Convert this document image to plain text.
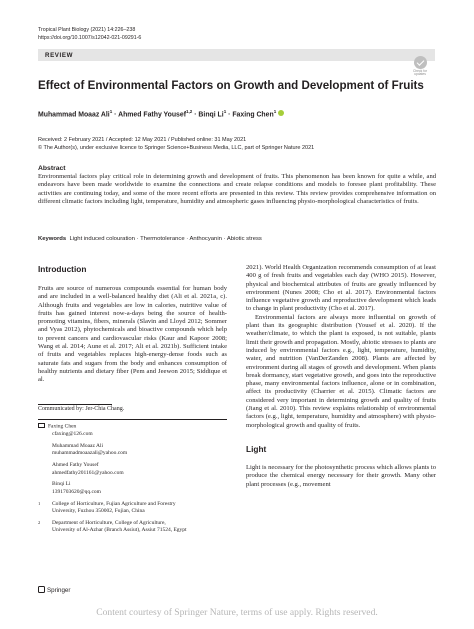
Tropical Plant Biology (2021) 14:226–238
https://doi.org/10.1007/s12042-021-09291-6
REVIEW
Check for updates
Effect of Environmental Factors on Growth and Development of Fruits
Muhammad Moaaz Ali$^1$ · Ahmed Fathy Yousef$^{1,2}$ · Binqi $Li^1$ · Faxing Chen$^1$
Received: 2 February 2021 / Accepted: 12 May 2021 / Published online: 31 May 2021
© The Author(s), under exclusive licence to Springer Science+Business Media, LLC, part of Springer Nature 2021
Abstract

Environmental factors play critical role in determining growth and development of fruits. This phenomenon has been known for quite a while, and endeavors have been made worldwide to examine the connections and create relapse conditions and models to foresee plant profitability. These activities are continuing today, and some of the more recent efforts are presented in this review. This review provides comprehensive information on different climatic factors including light, temperature, humidity and atmospheric gases influencing physio-morphological characteristics of fruits.

Keywords Light induced colouration · Thermotolerance · Anthocyanin · Abiotic stress
Introduction

Fruits are source of numerous compounds essential for human body and are included in a well-balanced healthy diet (Ali et al. 2021a, c). Although fruits and vegetables are low in calories, nutritive value of fruits has gained interest now-a-days being the source of health-promoting vitamins, fibers, minerals (Slavin and Lloyd 2012; Sommer and Vyas 2012), phytochemicals and bioactive compounds which help to prevent cancers and cardiovascular risks (Kaur and Kapoor 2008; Wang et al. 2014; Aune et al. 2017; Ali et al. 2021b). Sufficient intake of fruits and vegetables replaces high-energy-dense foods such as saturate fats and sugars from the body and enhances consumption of healthy nutrients and dietary fiber (Pem and Jeewon 2015; Siddique et al.

Communicated by: Jer-Chia Chang.
Faxing Chen
cfaxing@126.com
Muhammad Moaaz Ali
muhammadmoaazali@yahoo.com
Ahmed Fathy Yousef
ahmedfathy201161@yahoo.com
Binqi Li
1391703620@qq.com
1	College of Horticulture, Fujian Agriculture and Forestry
University, Fuzhou 350002, Fujian, China
2	Department of Horticulture, College of Agriculture,
University of Al-Azhar (Branch Assiut), Assiut 71524, Egypt

2021). World Health Organization recommends consumption of at least 400 g of fresh fruits and vegetables each day (WHO 2015). However, physical and biochemical attributes of fruits are greatly influenced by environment (Nunes 2008; Cho et al. 2017). Environmental factors influence vegetative growth and reproductive development which leads to change in plant productivity (Cho et al. 2017).

Environmental factors are always more influential on growth of plant than its geographic distribution (Yousef et al. 2020). If the weather/climate, to which the plant is exposed, is not suitable, plants limit their growth and propagation. Mostly, abiotic stresses to plants are induced by environmental factors e.g., light, temperature, humidity, water, and nutrition (VanDerZanden 2008). Plants are affected by environment during all stages of growth and development. When plants break dormancy, start vegetative growth, and goes into the reproductive phase, many environmental factors influence, alone or in combination, affect its productivity (Charrier et al. 2015). Climatic factors are considered very important in determining growth and quality of fruits (Jiang et al. 2010). This review explains relationship of environmental factors (e.g., light, temperature, humidity and atmosphere) with physio-morphological growth and quality of fruits.

Light

Light is necessary for the photosynthetic process which allows plants to produce the chemical energy necessary for their growth. Many other plant processes (e.g., movement

Springer
Content courtesy of Springer Nature, terms of use apply. Rights reserved.
